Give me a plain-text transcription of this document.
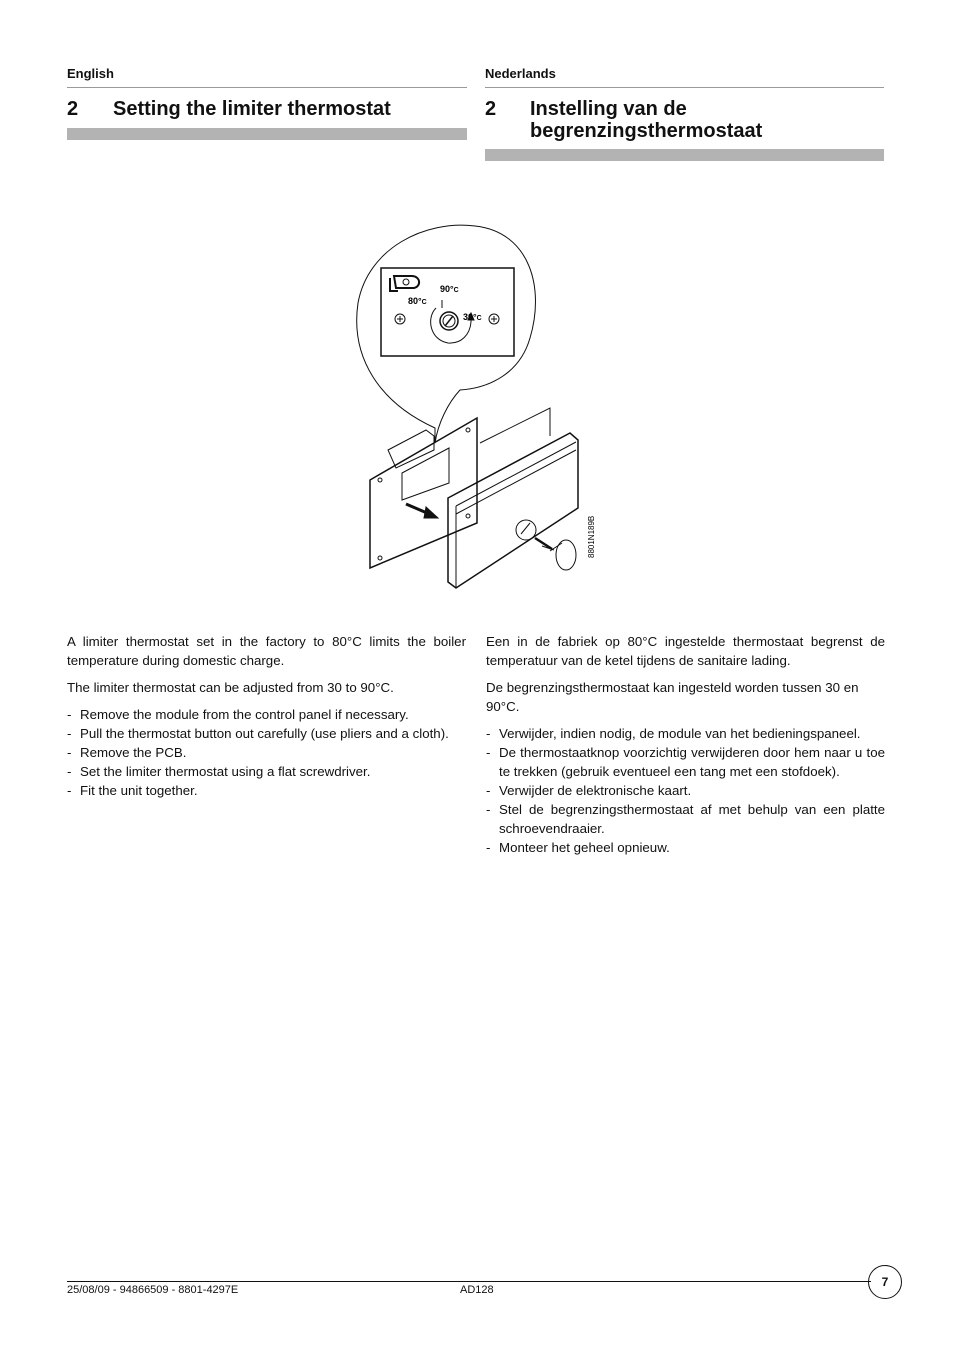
English
2 Setting the limiter thermostat
Nederlands
2 Instelling van de begrenzingsthermostaat
90°C
80°C
30°C
8801N189B

A limiter thermostat set in the factory to 80°C limits the boiler temperature during domestic charge.

The limiter thermostat can be adjusted from 30 to 90°C.

- Remove the module from the control panel if necessary.
- Pull the thermostat button out carefully (use pliers and a cloth).
- Remove the PCB.
- Set the limiter thermostat using a flat screwdriver.
- Fit the unit together.

Een in de fabriek op 80°C ingestelde thermostaat begrenst de temperatuur van de ketel tijdens de sanitaire lading.

De begrenzingsthermostaat kan ingesteld worden tussen 30 en 90°C.

- Verwijder, indien nodig, de module van het bedieningspaneel.
- De thermostaatknop voorzichtig verwijderen door hem naar u toe te trekken (gebruik eventueel een tang met een stofdoek).
- Verwijder de elektronische kaart.
- Stel de begrenzingsthermostaat af met behulp van een platte schroevendraaier.
- Monteer het geheel opnieuw.
25/08/09 - 94866509 - 8801-4297E	AD128
7
